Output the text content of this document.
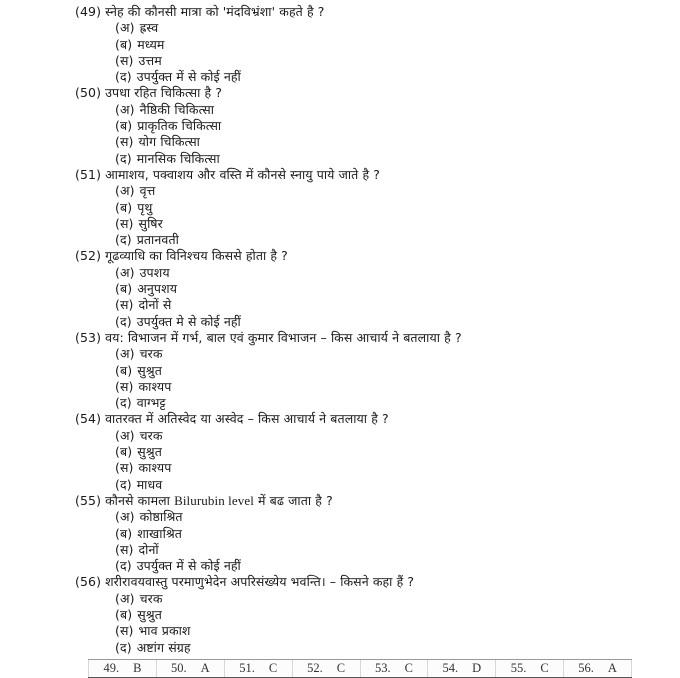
(49) स्नेह की कौनसी मात्रा को 'मंदविभ्रंशा' कहते है ?
(अ) ह्रस्व
(ब) मध्यम
(स) उत्तम
(द) उपर्युक्त में से कोई नहीं
(50) उपधा रहित चिकित्सा है ?
(अ) नैष्ठिकी चिकित्सा
(ब) प्राकृतिक चिकित्सा
(स) योग चिकित्सा
(द) मानसिक चिकित्सा
(51) आमाशय, पक्वाशय और वस्ति में कौनसे स्नायु पाये जाते है ?
(अ) वृत्त
(ब) पृथु
(स) सुषिर
(द) प्रतानवती
(52) गूढव्याधि का विनिश्चय किससे होता है ?
(अ) उपशय
(ब) अनुपशय
(स) दोनों से
(द) उपर्युक्त मे से कोई नहीं
(53) वय: विभाजन में गर्भ, बाल एवं कुमार विभाजन – किस आचार्य ने बतलाया है ?
(अ) चरक
(ब) सुश्रुत
(स) काश्यप
(द) वाग्भट्ट
(54) वातरक्त में अतिस्वेद या अस्वेद – किस आचार्य ने बतलाया है ?
(अ) चरक
(ब) सुश्रुत
(स) काश्यप
(द) माधव
(55) कौनसे कामला Bilurubin level में बढ जाता है ?
(अ) कोष्ठाश्रित
(ब) शाखाश्रित
(स) दोनों
(द) उपर्युक्त में से कोई नहीं
(56) शरीरावयवास्तु परमाणुभेदेन अपरिसंख्येय भवन्ति। – किसने कहा हैं ?
(अ) चरक
(ब) सुश्रुत
(स) भाव प्रकाश
(द) अष्टांग संग्रह
49. B 50. A 51. C 52. C 53. C 54. D 55. C 56. A
